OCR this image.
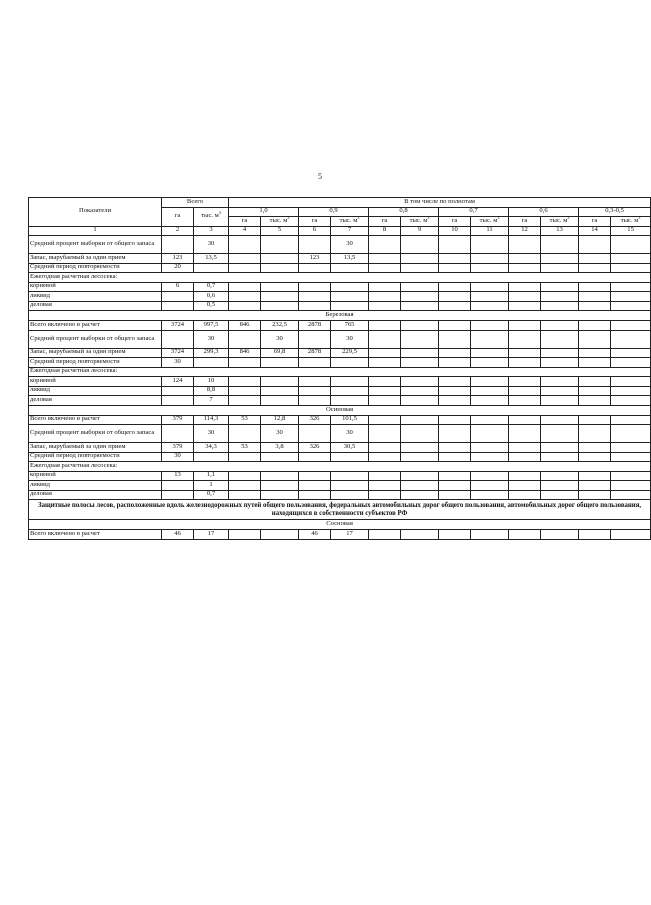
5
Показатели	Всего		В том числе по полнотам											
	га	тыс. $м^3$	1,0		0,9		0,8		0,7		0,6		0,3-0,5	
			га	тыс. $м^3$	га	тыс. $м^3$	га	тыс. $м^3$	га	тыс. $м^3$	га	тыс. $м^3$	га	тыс. $м^3$
1	2	3	4	5	6	7	8	9	10	11	12	13	14	15
Средний процент выборки от общего запаса		30				30								
Запас, вырубаемый за один прием	123	13,5			123	13,5								
Средний период повторяемости	20													
Ежегодная расчетная лесосека:														
корневой	6	0,7												
ликвид		0,6												
деловая		0,5												
Березовая														
Всего включено в расчет	3724	997,5	846	232,5	2878	765								
Средний процент выборки от общего запаса		30		30		30								
Запас, вырубаемый за один прием	3724	299,3	846	69,8	2878	229,5								
Средний период повторяемости	30													
Ежегодная расчетная лесосека:														
корневой	124	10												
ликвид		8,8												
деловая		7												
Осиновая														
Всего включено в расчет	379	114,3	53	12,8	326	101,5								
Средний процент выборки от общего запаса		30		30		30								
Запас, вырубаемый за один прием	379	34,3	53	3,8	326	30,5								
Средний период повторяемости	30													
Ежегодная расчетная лесосека:														
корневой	13	1,1												
ликвид		1												
деловая		0,7												
Защитные полосы лесов, расположенные вдоль железнодорожных путей общего пользования, федеральных автомобильных дорог общего пользования, автомобильных дорог общего пользования, находящихся в собственности субъектов РФ														
Сосновая														
Всего включено в расчет	46	17			46	17								
